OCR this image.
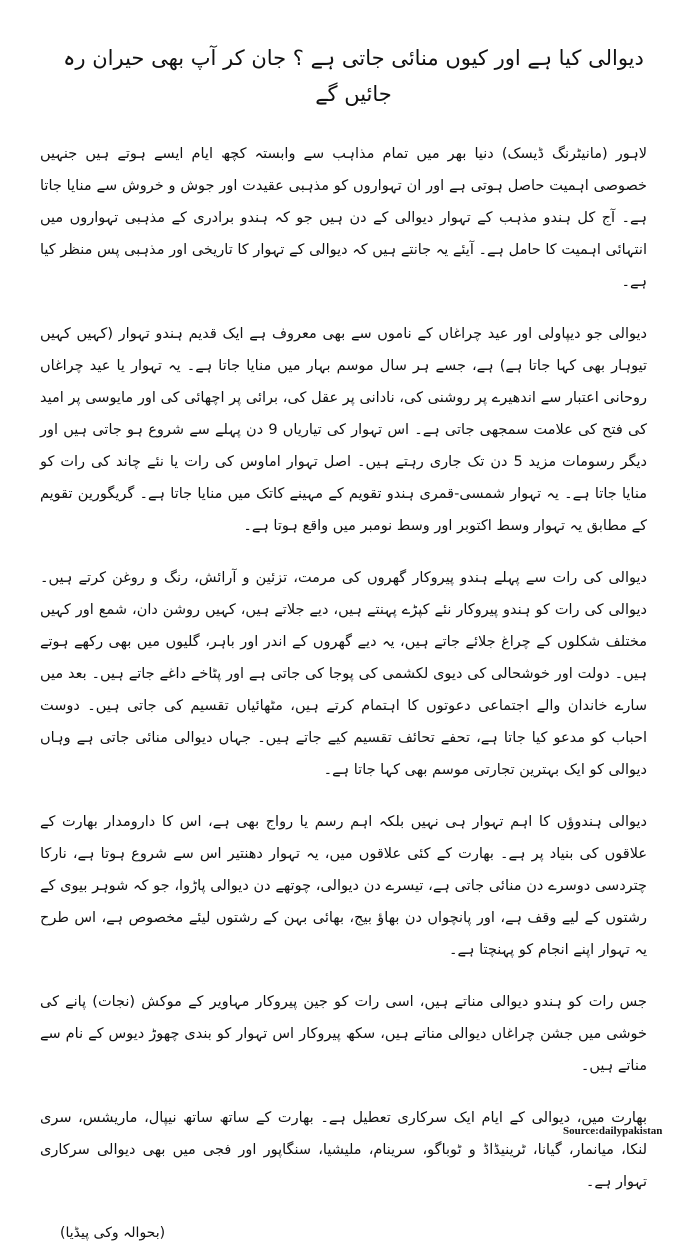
دیوالی کیا ہے اور کیوں منائی جاتی ہے ؟ جان کر آپ بھی حیران رہ جائیں گے

لاہور (مانیٹرنگ ڈیسک) دنیا بھر میں تمام مذاہب سے وابستہ کچھ ایام ایسے ہوتے ہیں جنہیں خصوصی اہمیت حاصل ہوتی ہے اور ان تہواروں کو مذہبی عقیدت اور جوش و خروش سے منایا جاتا ہے۔ آج کل ہندو مذہب کے تہوار دیوالی کے دن ہیں جو کہ ہندو برادری کے مذہبی تہواروں میں انتہائی اہمیت کا حامل ہے۔ آیئے یہ جانتے ہیں کہ دیوالی کے تہوار کا تاریخی اور مذہبی پس منظر کیا ہے۔

دیوالی جو دیپاولی اور عید چراغاں کے ناموں سے بھی معروف ہے ایک قدیم ہندو تہوار (کہیں کہیں تیوہار بھی کہا جاتا ہے) ہے، جسے ہر سال موسم بہار میں منایا جاتا ہے۔ یہ تہوار یا عید چراغاں روحانی اعتبار سے اندھیرے پر روشنی کی، نادانی پر عقل کی، برائی پر اچھائی کی اور مایوسی پر امید کی فتح کی علامت سمجھی جاتی ہے۔ اس تہوار کی تیاریاں 9 دن پہلے سے شروع ہو جاتی ہیں اور دیگر رسومات مزید 5 دن تک جاری رہتے ہیں۔ اصل تہوار اماوس کی رات یا نئے چاند کی رات کو منایا جاتا ہے۔ یہ تہوار شمسی-قمری ہندو تقویم کے مہینے کاتک میں منایا جاتا ہے۔ گریگورین تقویم کے مطابق یہ تہوار وسط اکتوبر اور وسط نومبر میں واقع ہوتا ہے۔

دیوالی کی رات سے پہلے ہندو پیروکار گھروں کی مرمت، تزئین و آرائش، رنگ و روغن کرتے ہیں۔ دیوالی کی رات کو ہندو پیروکار نئے کپڑے پہنتے ہیں، دیے جلاتے ہیں، کہیں روشن دان، شمع اور کہیں مختلف شکلوں کے چراغ جلائے جاتے ہیں، یہ دیے گھروں کے اندر اور باہر، گلیوں میں بھی رکھے ہوتے ہیں۔ دولت اور خوشحالی کی دیوی لکشمی کی پوجا کی جاتی ہے اور پٹاخے داغے جاتے ہیں۔ بعد میں سارے خاندان والے اجتماعی دعوتوں کا اہتمام کرتے ہیں، مٹھائیاں تقسیم کی جاتی ہیں۔ دوست احباب کو مدعو کیا جاتا ہے، تحفے تحائف تقسیم کیے جاتے ہیں۔ جہاں دیوالی منائی جاتی ہے وہاں دیوالی کو ایک بہترین تجارتی موسم بھی کہا جاتا ہے۔

دیوالی ہندوؤں کا اہم تہوار ہی نہیں بلکہ اہم رسم یا رواج بھی ہے، اس کا دارومدار بھارت کے علاقوں کی بنیاد پر ہے۔ بھارت کے کئی علاقوں میں، یہ تہوار دھنتیر اس سے شروع ہوتا ہے، نارکا چتردسی دوسرے دن منائی جاتی ہے، تیسرے دن دیوالی، چوتھے دن دیوالی پاڑوا، جو کہ شوہر بیوی کے رشتوں کے لیے وقف ہے، اور پانچواں دن بھاؤ بیج، بھائی بہن کے رشتوں لیئے مخصوص ہے، اس طرح یہ تہوار اپنے انجام کو پہنچتا ہے۔

جس رات کو ہندو دیوالی مناتے ہیں، اسی رات کو جین پیروکار مہاویر کے موکش (نجات) پانے کی خوشی میں جشن چراغاں دیوالی مناتے ہیں، سکھ پیروکار اس تہوار کو بندی چھوڑ دیوس کے نام سے مناتے ہیں۔

بھارت میں، دیوالی کے ایام ایک سرکاری تعطیل ہے۔ بھارت کے ساتھ ساتھ نیپال، ماریشس، سری لنکا، میانمار، گیانا، ٹرینیڈاڈ و ٹوباگو، سرینام، ملیشیا، سنگاپور اور فجی میں بھی دیوالی سرکاری تہوار ہے۔

(بحوالہ وکی پیڈیا)
Source:dailypakistan
